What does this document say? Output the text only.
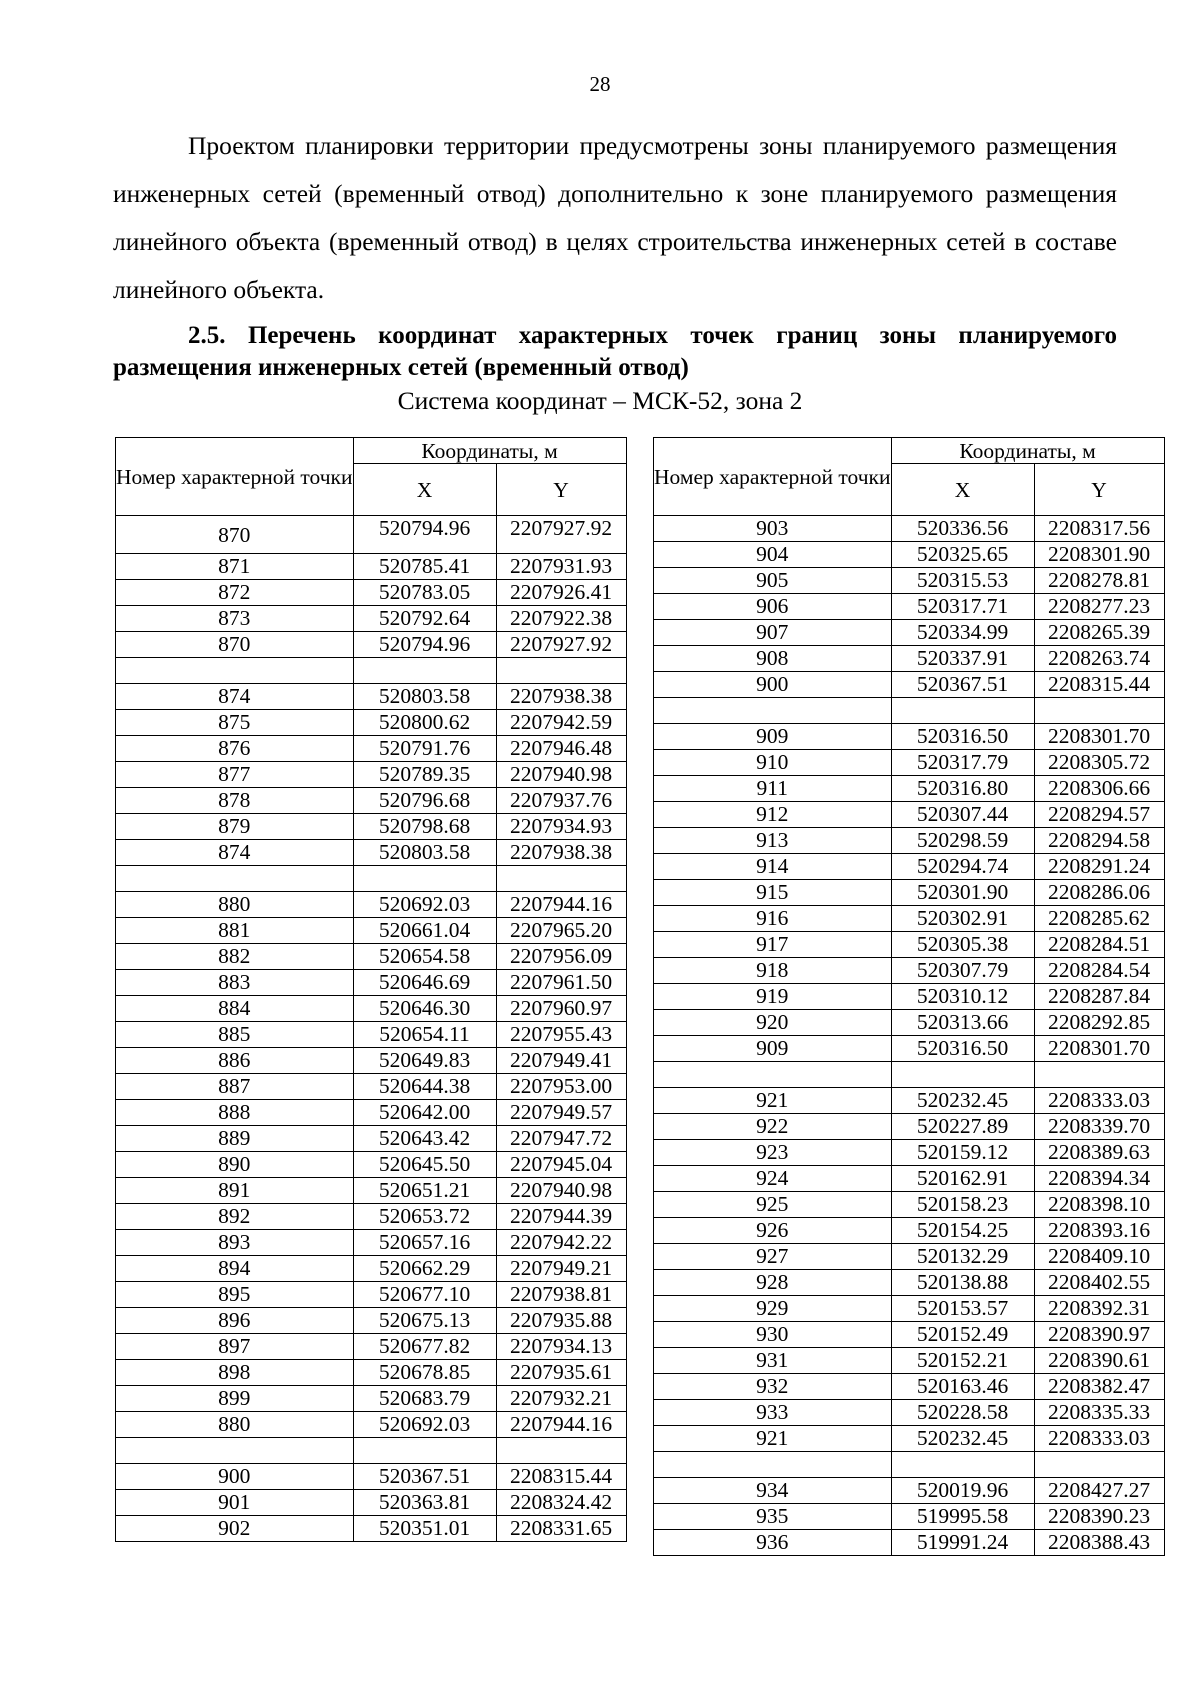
28

Проектом планировки территории предусмотрены зоны планируемого размещения инженерных сетей (временный отвод) дополнительно к зоне планируемого размещения линейного объекта (временный отвод) в целях строительства инженерных сетей в составе линейного объекта.

2.5. Перечень координат характерных точек границ зоны планируемого размещения инженерных сетей (временный отвод)

Система координат – МСК-52, зона 2
Номер характерной точки	Координаты, м	
	X	Y
870	520794.96	2207927.92
871	520785.41	2207931.93
872	520783.05	2207926.41
873	520792.64	2207922.38
870	520794.96	2207927.92

874	520803.58	2207938.38
875	520800.62	2207942.59
876	520791.76	2207946.48
877	520789.35	2207940.98
878	520796.68	2207937.76
879	520798.68	2207934.93
874	520803.58	2207938.38

880	520692.03	2207944.16
881	520661.04	2207965.20
882	520654.58	2207956.09
883	520646.69	2207961.50
884	520646.30	2207960.97
885	520654.11	2207955.43
886	520649.83	2207949.41
887	520644.38	2207953.00
888	520642.00	2207949.57
889	520643.42	2207947.72
890	520645.50	2207945.04
891	520651.21	2207940.98
892	520653.72	2207944.39
893	520657.16	2207942.22
894	520662.29	2207949.21
895	520677.10	2207938.81
896	520675.13	2207935.88
897	520677.82	2207934.13
898	520678.85	2207935.61
899	520683.79	2207932.21
880	520692.03	2207944.16

900	520367.51	2208315.44
901	520363.81	2208324.42
902	520351.01	2208331.65
Номер характерной точки	Координаты, м	
	X	Y
903	520336.56	2208317.56
904	520325.65	2208301.90
905	520315.53	2208278.81
906	520317.71	2208277.23
907	520334.99	2208265.39
908	520337.91	2208263.74
900	520367.51	2208315.44

909	520316.50	2208301.70
910	520317.79	2208305.72
911	520316.80	2208306.66
912	520307.44	2208294.57
913	520298.59	2208294.58
914	520294.74	2208291.24
915	520301.90	2208286.06
916	520302.91	2208285.62
917	520305.38	2208284.51
918	520307.79	2208284.54
919	520310.12	2208287.84
920	520313.66	2208292.85
909	520316.50	2208301.70

921	520232.45	2208333.03
922	520227.89	2208339.70
923	520159.12	2208389.63
924	520162.91	2208394.34
925	520158.23	2208398.10
926	520154.25	2208393.16
927	520132.29	2208409.10
928	520138.88	2208402.55
929	520153.57	2208392.31
930	520152.49	2208390.97
931	520152.21	2208390.61
932	520163.46	2208382.47
933	520228.58	2208335.33
921	520232.45	2208333.03

934	520019.96	2208427.27
935	519995.58	2208390.23
936	519991.24	2208388.43
